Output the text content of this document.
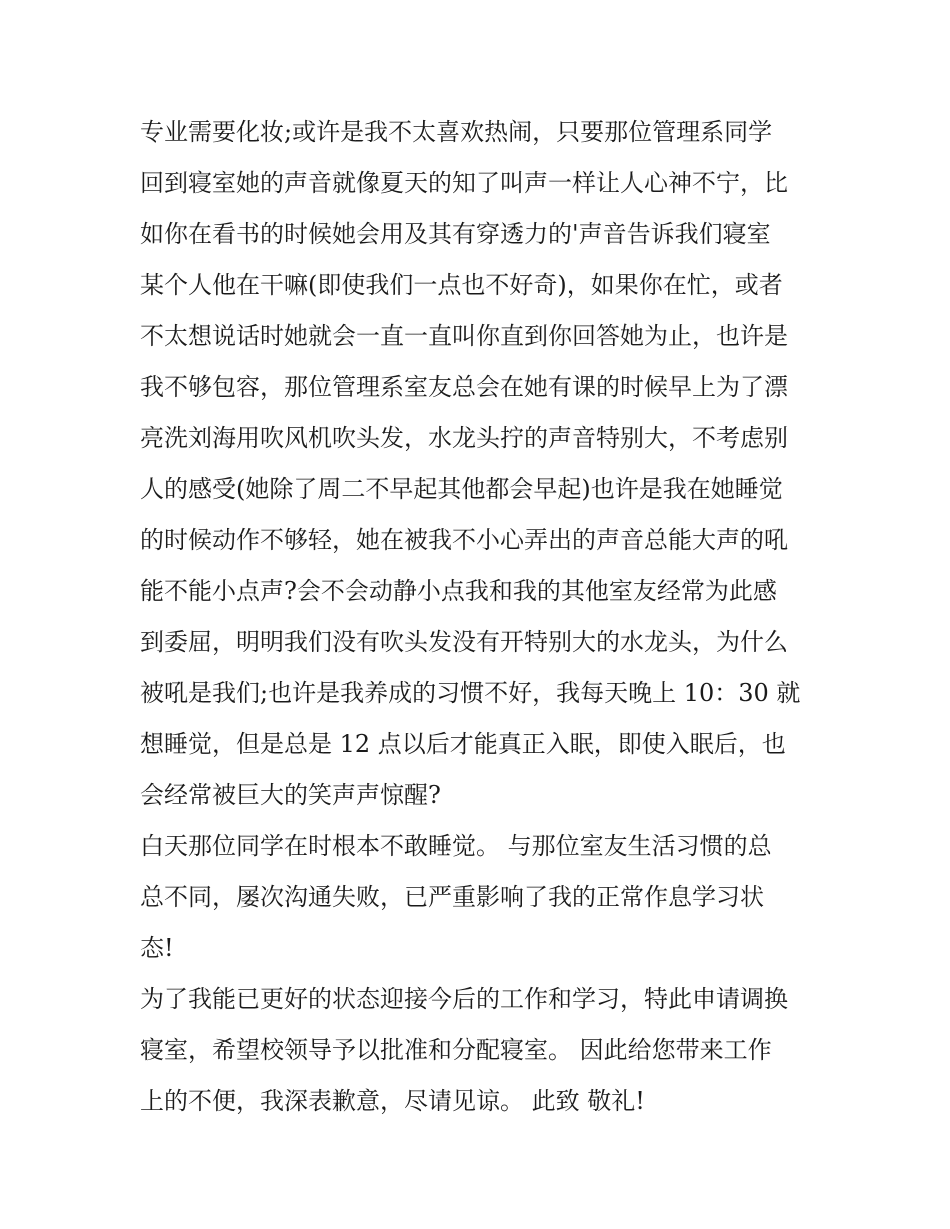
专业需要化妆;或许是我不太喜欢热闹，只要那位管理系同学
回到寝室她的声音就像夏天的知了叫声一样让人心神不宁，比
如你在看书的时候她会用及其有穿透力的'声音告诉我们寝室
某个人他在干嘛(即使我们一点也不好奇)，如果你在忙，或者
不太想说话时她就会一直一直叫你直到你回答她为止，也许是
我不够包容，那位管理系室友总会在她有课的时候早上为了漂
亮洗刘海用吹风机吹头发，水龙头拧的声音特别大，不考虑别
人的感受(她除了周二不早起其他都会早起)也许是我在她睡觉
的时候动作不够轻，她在被我不小心弄出的声音总能大声的吼
能不能小点声?会不会动静小点我和我的其他室友经常为此感
到委屈，明明我们没有吹头发没有开特别大的水龙头，为什么
被吼是我们;也许是我养成的习惯不好，我每天晚上 10：30 就
想睡觉，但是总是 12 点以后才能真正入眠，即使入眠后，也
会经常被巨大的笑声声惊醒?
白天那位同学在时根本不敢睡觉。 与那位室友生活习惯的总
总不同，屡次沟通失败，已严重影响了我的正常作息学习状
态!
为了我能已更好的状态迎接今后的工作和学习，特此申请调换
寝室，希望校领导予以批准和分配寝室。 因此给您带来工作
上的不便，我深表歉意，尽请见谅。 此致 敬礼!
